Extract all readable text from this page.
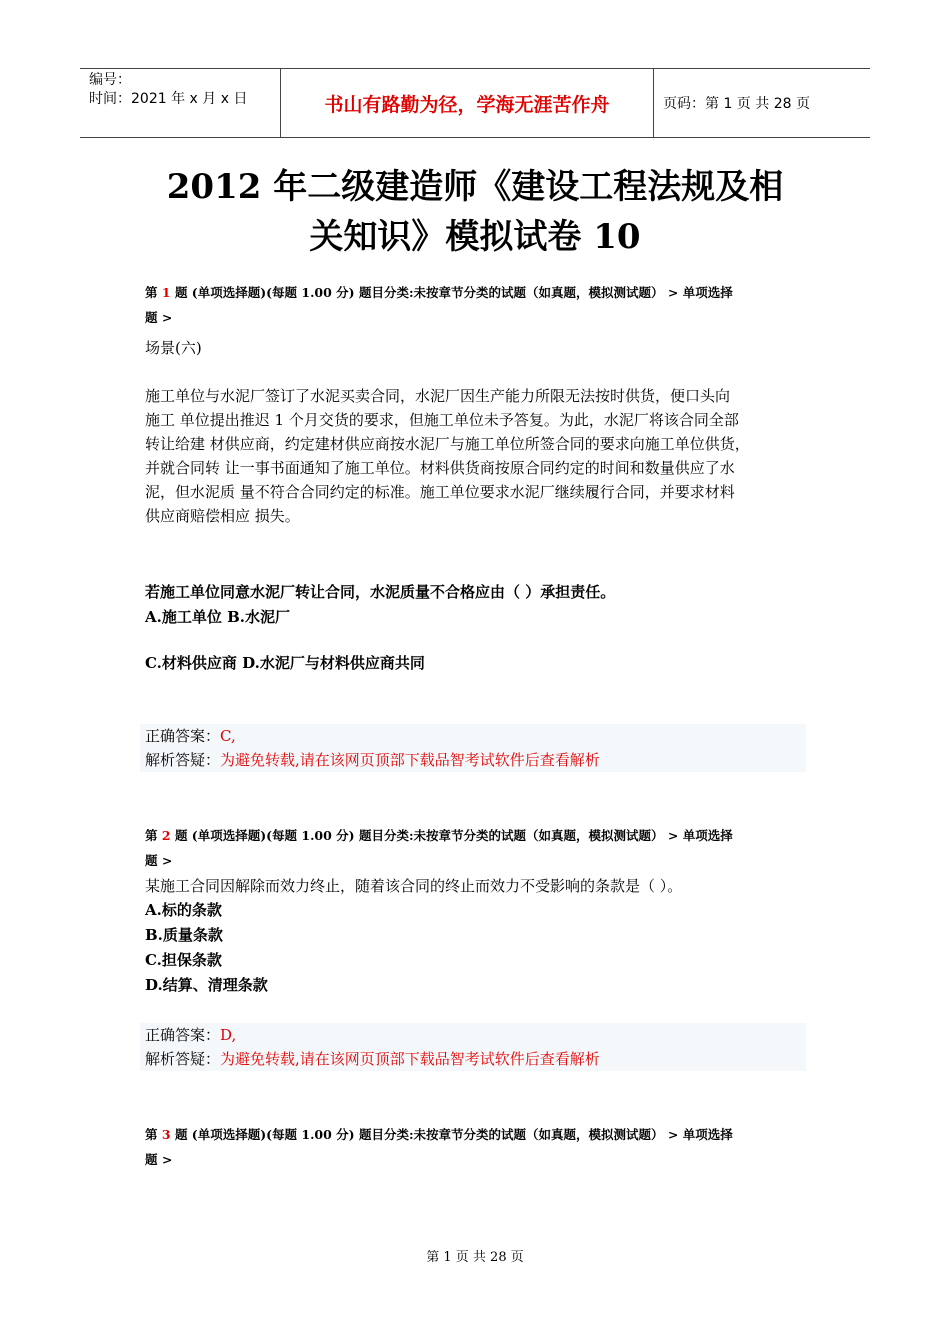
编号：
时间：2021 年 x 月 x 日	书山有路勤为径，学海无涯苦作舟	页码：第 1 页 共 28 页
2012 年二级建造师《建设工程法规及相
关知识》模拟试卷 10
第 1 题 (单项选择题)(每题 1.00 分) 题目分类:未按章节分类的试题（如真题，模拟测试题） > 单项选择
题 >
场景(六)
施工单位与水泥厂签订了水泥买卖合同，水泥厂因生产能力所限无法按时供货，便口头向
施工 单位提出推迟 1 个月交货的要求，但施工单位未予答复。为此，水泥厂将该合同全部
转让给建 材供应商，约定建材供应商按水泥厂与施工单位所签合同的要求向施工单位供货，
并就合同转 让一事书面通知了施工单位。材料供货商按原合同约定的时间和数量供应了水
泥，但水泥质 量不符合合同约定的标准。施工单位要求水泥厂继续履行合同，并要求材料
供应商赔偿相应 损失。
若施工单位同意水泥厂转让合同，水泥质量不合格应由（ ）承担责任。
A.施工单位 B.水泥厂
C.材料供应商 D.水泥厂与材料供应商共同
正确答案：C,
解析答疑：为避免转载,请在该网页顶部下载品智考试软件后查看解析
第 2 题 (单项选择题)(每题 1.00 分) 题目分类:未按章节分类的试题（如真题，模拟测试题） > 单项选择
题 >
某施工合同因解除而效力终止，随着该合同的终止而效力不受影响的条款是（ ）。
A.标的条款
B.质量条款
C.担保条款
D.结算、清理条款
正确答案：D,
解析答疑：为避免转载,请在该网页顶部下载品智考试软件后查看解析
第 3 题 (单项选择题)(每题 1.00 分) 题目分类:未按章节分类的试题（如真题，模拟测试题） > 单项选择
题 >
第 1 页 共 28 页
